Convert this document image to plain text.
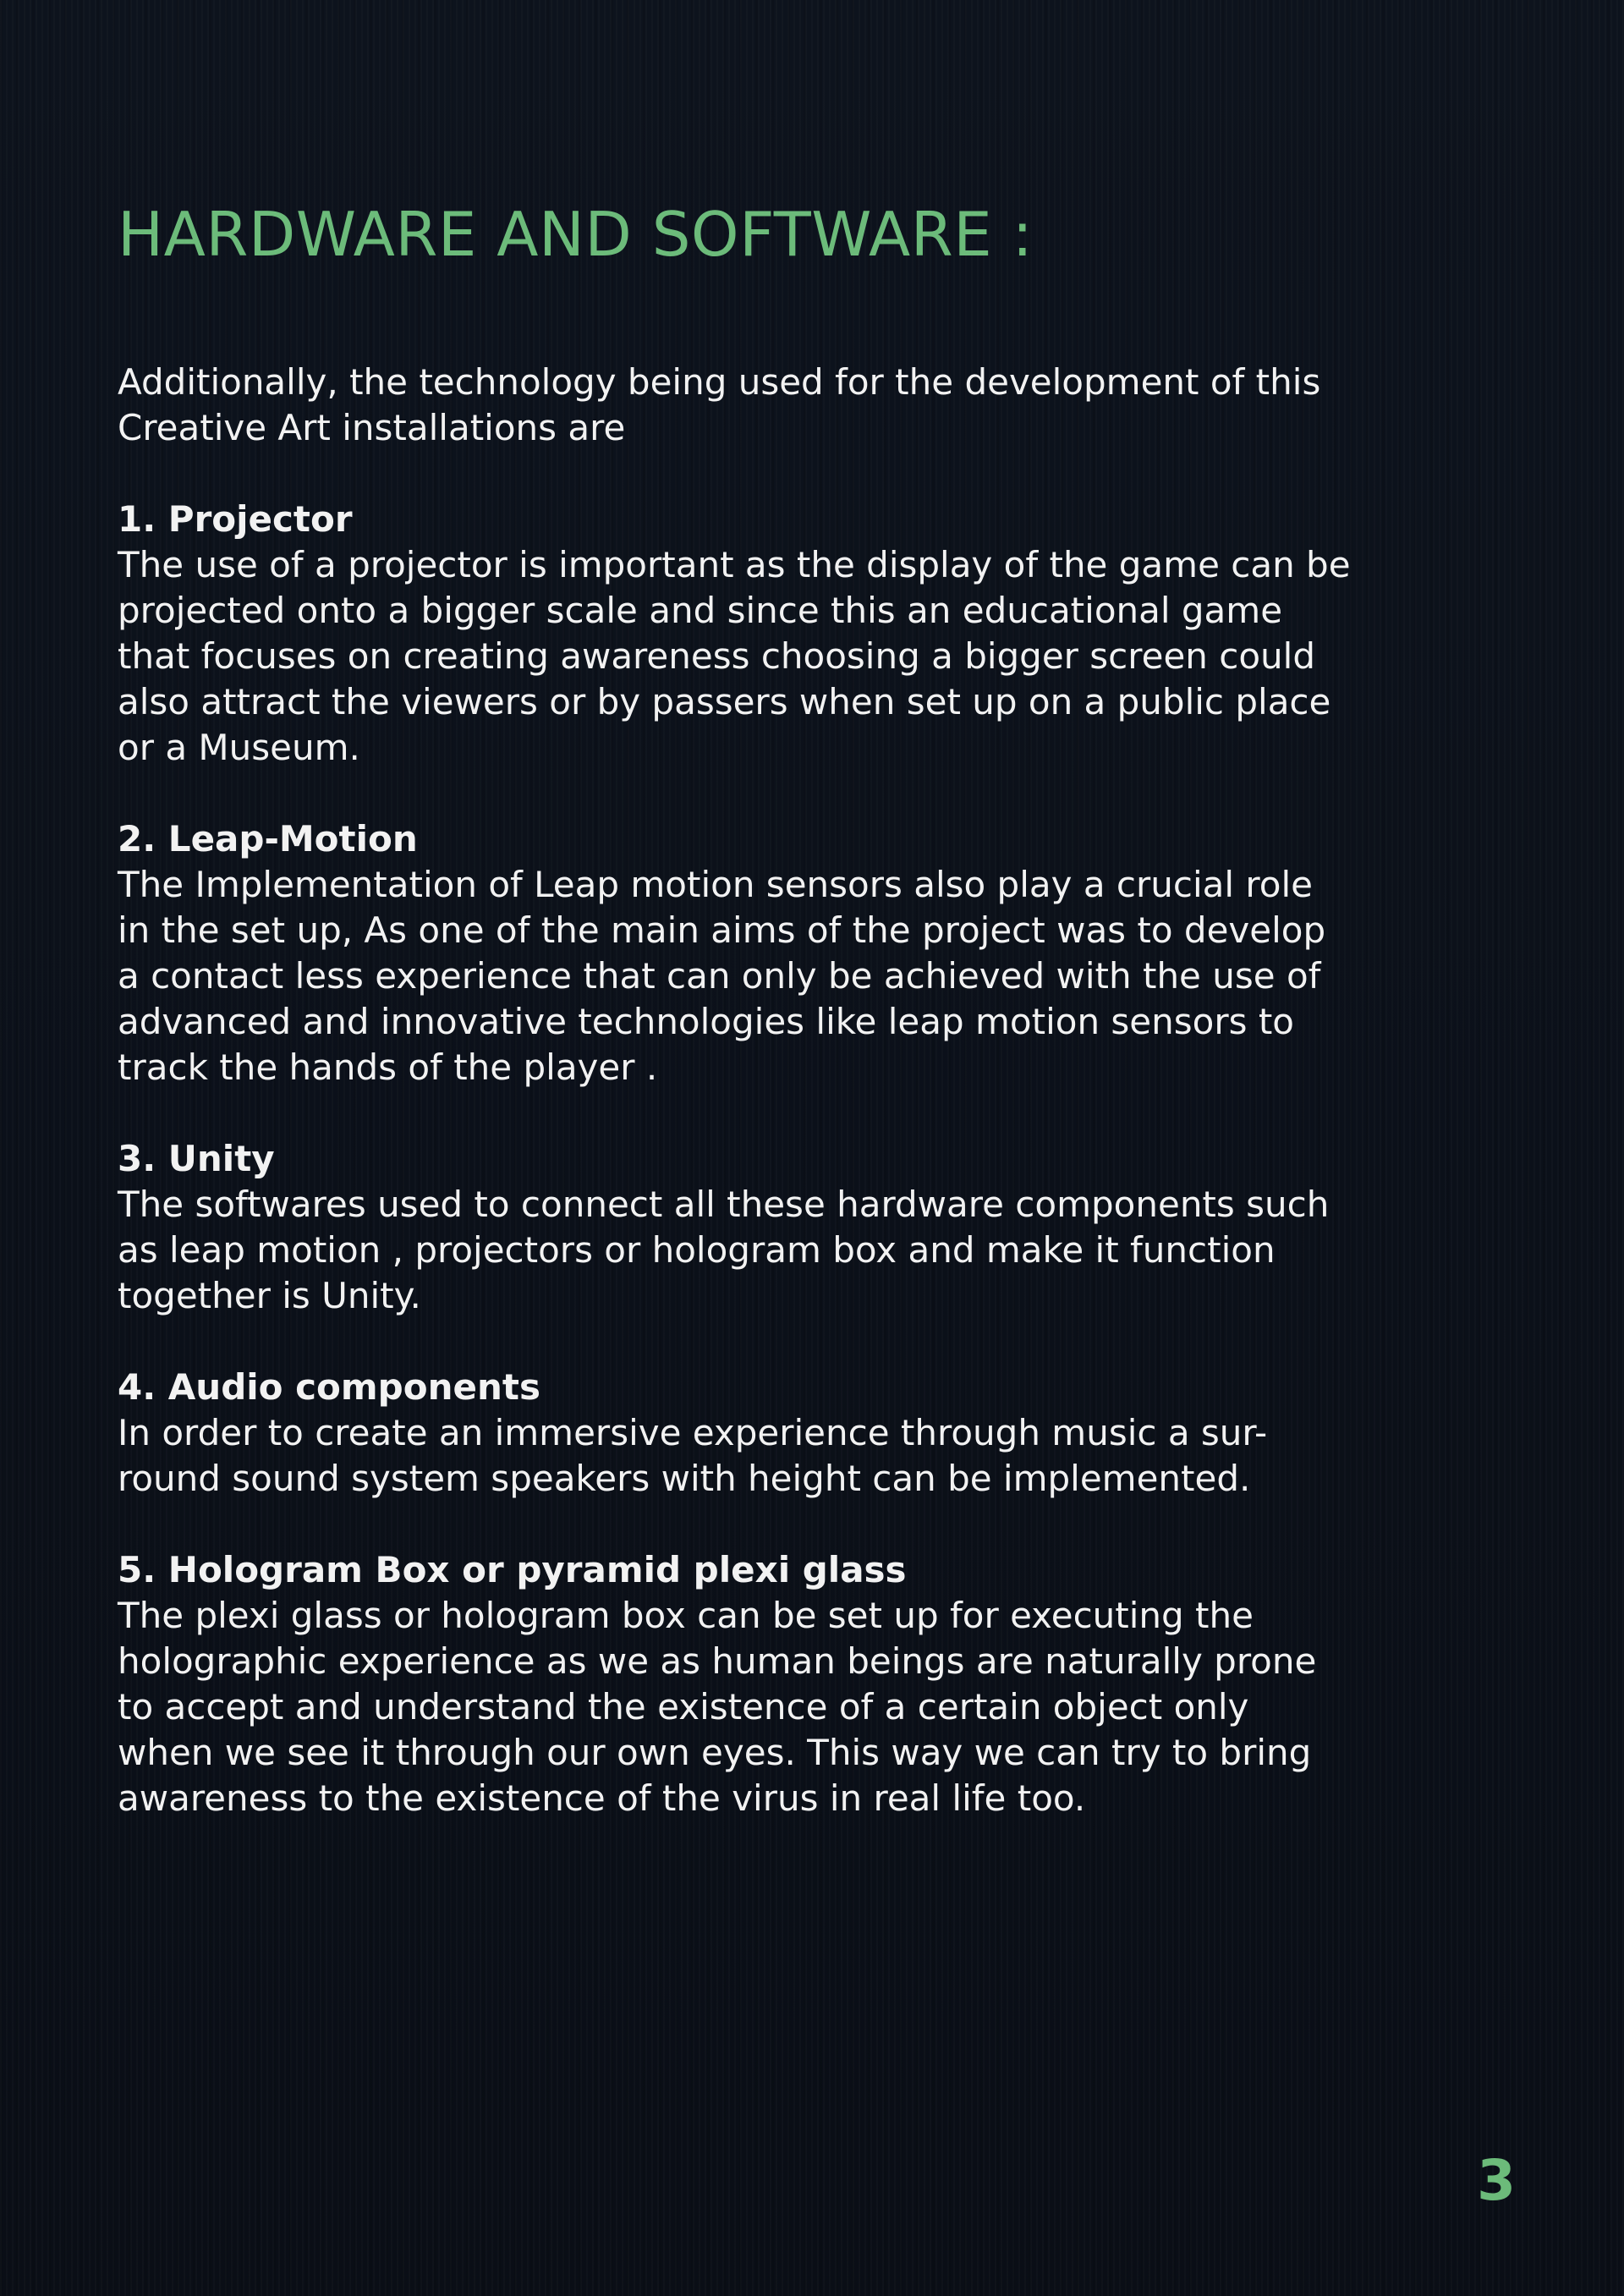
HARDWARE AND SOFTWARE :

Additionally, the technology being used for the development of this
Creative Art installations are

1. Projector

The use of a projector is important as the display of the game can be
projected onto a bigger scale and since this an educational game
that focuses on creating awareness choosing a bigger screen could
also attract the viewers or by passers when set up on a public place
or a Museum.

2. Leap-Motion

The Implementation of Leap motion sensors also play a crucial role
in the set up, As one of the main aims of the project was to develop
a contact less experience that can only be achieved with the use of
advanced and innovative technologies like leap motion sensors to
track the hands of the player .

3. Unity

The softwares used to connect all these hardware components such
as leap motion , projectors or hologram box and make it function
together is Unity.

4. Audio components

In order to create an immersive experience through music a sur-
round sound system speakers with height can be implemented.

5. Hologram Box or pyramid plexi glass

The plexi glass or hologram box can be set up for executing the
holographic experience as we as human beings are naturally prone
to accept and understand the existence of a certain object only
when we see it through our own eyes. This way we can try to bring
awareness to the existence of the virus in real life too.

3
